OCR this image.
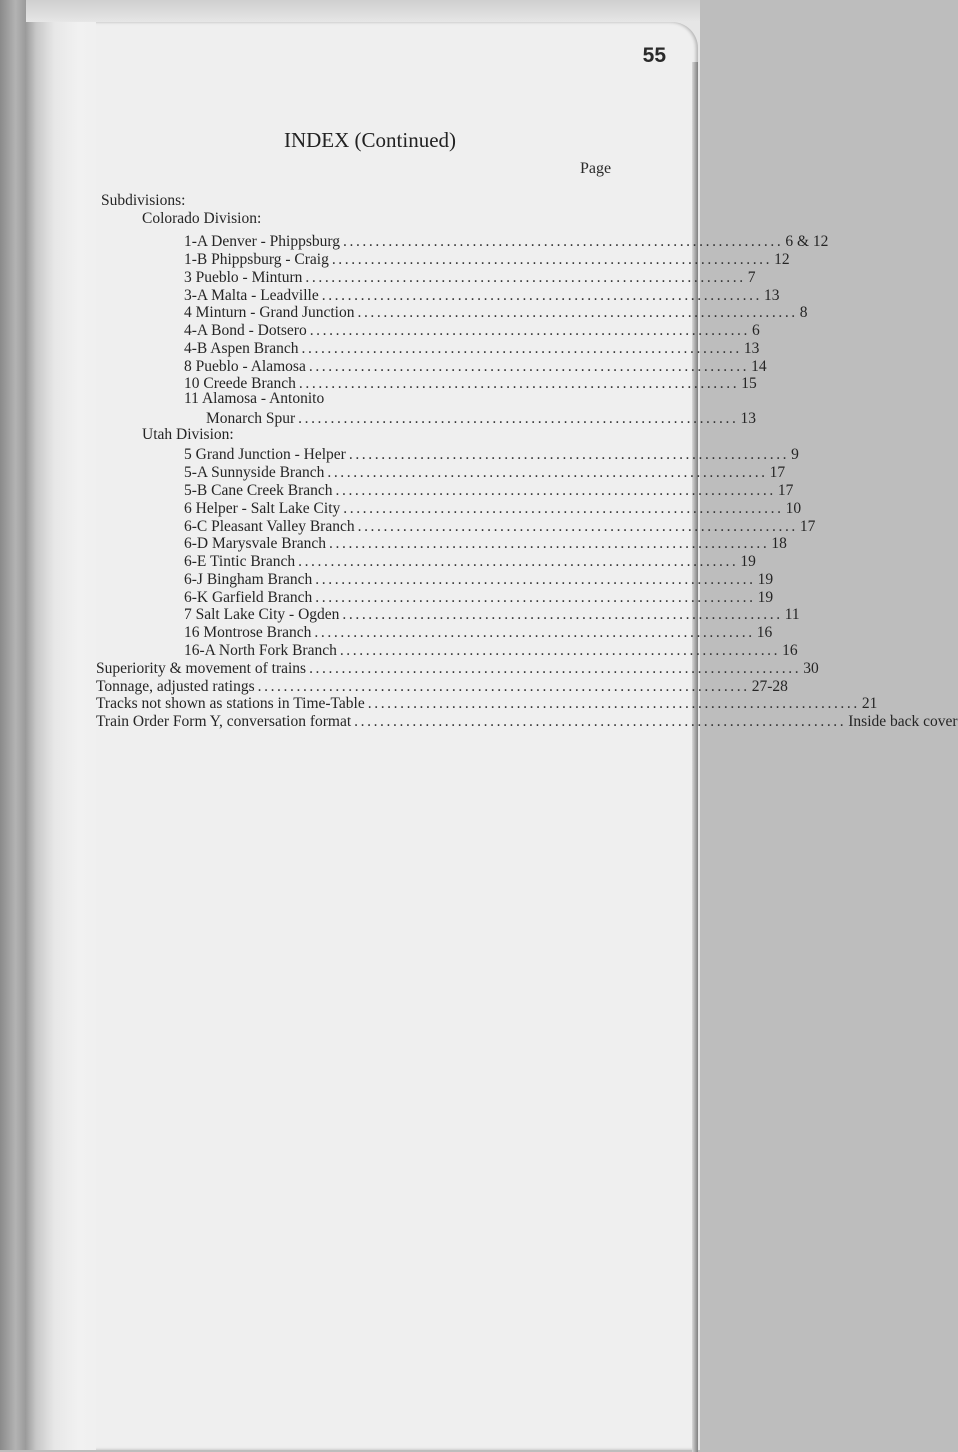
55
INDEX (Continued)
Page
Subdivisions:
Colorado Division:
1-A Denver - Phippsburg .................................................................... 6 & 12
1-B Phippsburg - Craig .................................................................... 12
3 Pueblo - Minturn .................................................................... 7
3-A Malta - Leadville .................................................................... 13
4 Minturn - Grand Junction .................................................................... 8
4-A Bond - Dotsero .................................................................... 6
4-B Aspen Branch .................................................................... 13
8 Pueblo - Alamosa .................................................................... 14
10 Creede Branch .................................................................... 15
11 Alamosa - Antonito
Monarch Spur .................................................................... 13
Utah Division:
5 Grand Junction - Helper .................................................................... 9
5-A Sunnyside Branch .................................................................... 17
5-B Cane Creek Branch .................................................................... 17
6 Helper - Salt Lake City .................................................................... 10
6-C Pleasant Valley Branch .................................................................... 17
6-D Marysvale Branch .................................................................... 18
6-E Tintic Branch .................................................................... 19
6-J Bingham Branch .................................................................... 19
6-K Garfield Branch .................................................................... 19
7 Salt Lake City - Ogden .................................................................... 11
16 Montrose Branch .................................................................... 16
16-A North Fork Branch .................................................................... 16
Superiority & movement of trains ............................................................................ 30
Tonnage, adjusted ratings ............................................................................ 27-28
Tracks not shown as stations in Time-Table ............................................................................ 21
Train Order Form Y, conversation format ............................................................................ Inside back cover
